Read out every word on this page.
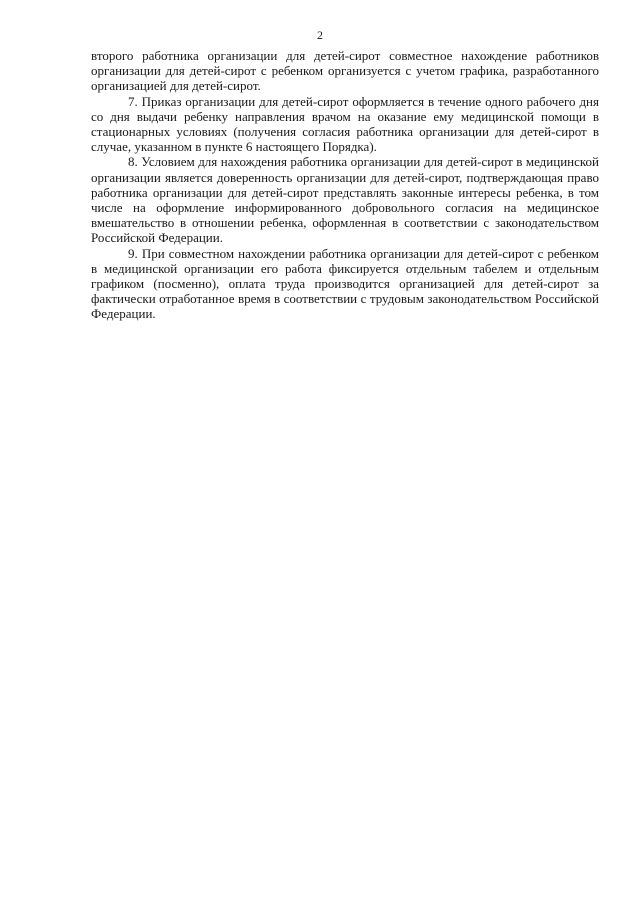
2

второго работника организации для детей-сирот совместное нахождение работников организации для детей-сирот с ребенком организуется с учетом графика, разработанного организацией для детей-сирот.

7. Приказ организации для детей-сирот оформляется в течение одного рабочего дня со дня выдачи ребенку направления врачом на оказание ему медицинской помощи в стационарных условиях (получения согласия работника организации для детей-сирот в случае, указанном в пункте 6 настоящего Порядка).

8. Условием для нахождения работника организации для детей-сирот в медицинской организации является доверенность организации для детей-сирот, подтверждающая право работника организации для детей-сирот представлять законные интересы ребенка, в том числе на оформление информированного добровольного согласия на медицинское вмешательство в отношении ребенка, оформленная в соответствии с законодательством Российской Федерации.

9. При совместном нахождении работника организации для детей-сирот с ребенком в медицинской организации его работа фиксируется отдельным табелем и отдельным графиком (посменно), оплата труда производится организацией для детей-сирот за фактически отработанное время в соответствии с трудовым законодательством Российской Федерации.
